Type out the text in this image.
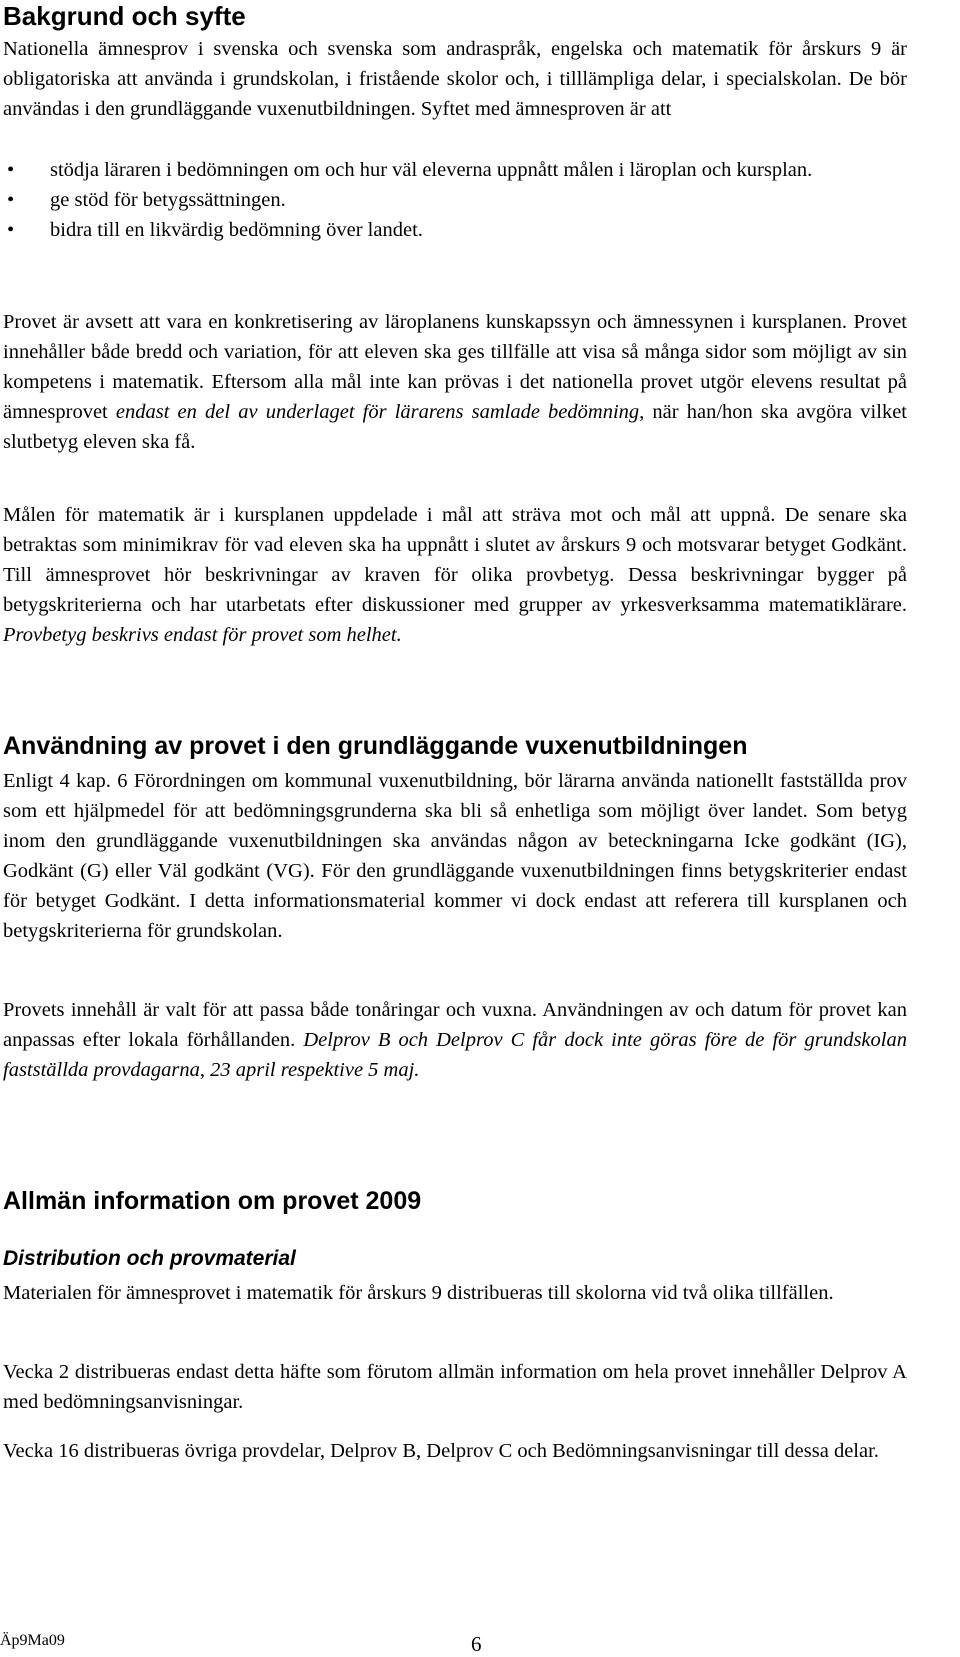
Bakgrund och syfte

Nationella ämnesprov i svenska och svenska som andraspråk, engelska och matematik för årskurs 9 är obligatoriska att använda i grundskolan, i fristående skolor och, i tilllämpliga delar, i specialskolan. De bör användas i den grundläggande vuxenutbildningen. Syftet med ämnesproven är att

• stödja läraren i bedömningen om och hur väl eleverna uppnått målen i läroplan och kursplan.
• ge stöd för betygssättningen.
• bidra till en likvärdig bedömning över landet.

Provet är avsett att vara en konkretisering av läroplanens kunskapssyn och ämnessynen i kursplanen. Provet innehåller både bredd och variation, för att eleven ska ges tillfälle att visa så många sidor som möjligt av sin kompetens i matematik. Eftersom alla mål inte kan prövas i det nationella provet utgör elevens resultat på ämnesprovet endast en del av underlaget för lärarens samlade bedömning, när han/hon ska avgöra vilket slutbetyg eleven ska få.

Målen för matematik är i kursplanen uppdelade i mål att sträva mot och mål att uppnå. De senare ska betraktas som minimikrav för vad eleven ska ha uppnått i slutet av årskurs 9 och motsvarar betyget Godkänt. Till ämnesprovet hör beskrivningar av kraven för olika provbetyg. Dessa beskrivningar bygger på betygskriterierna och har utarbetats efter diskussioner med grupper av yrkesverksamma matematiklärare. Provbetyg beskrivs endast för provet som helhet.

Användning av provet i den grundläggande vuxenutbildningen

Enligt 4 kap. 6 Förordningen om kommunal vuxenutbildning, bör lärarna använda nationellt fastställda prov som ett hjälpmedel för att bedömningsgrunderna ska bli så enhetliga som möjligt över landet. Som betyg inom den grundläggande vuxenutbildningen ska användas någon av beteckningarna Icke godkänt (IG), Godkänt (G) eller Väl godkänt (VG). För den grundläggande vuxenutbildningen finns betygskriterier endast för betyget Godkänt. I detta informationsmaterial kommer vi dock endast att referera till kursplanen och betygskriterierna för grundskolan.

Provets innehåll är valt för att passa både tonåringar och vuxna. Användningen av och datum för provet kan anpassas efter lokala förhållanden. Delprov B och Delprov C får dock inte göras före de för grundskolan fastställda provdagarna, 23 april respektive 5 maj.

Allmän information om provet 2009
Distribution och provmaterial

Materialen för ämnesprovet i matematik för årskurs 9 distribueras till skolorna vid två olika tillfällen.

Vecka 2 distribueras endast detta häfte som förutom allmän information om hela provet innehåller Delprov A med bedömningsanvisningar.

Vecka 16 distribueras övriga provdelar, Delprov B, Delprov C och Bedömningsanvisningar till dessa delar.

Äp9Ma09	6
